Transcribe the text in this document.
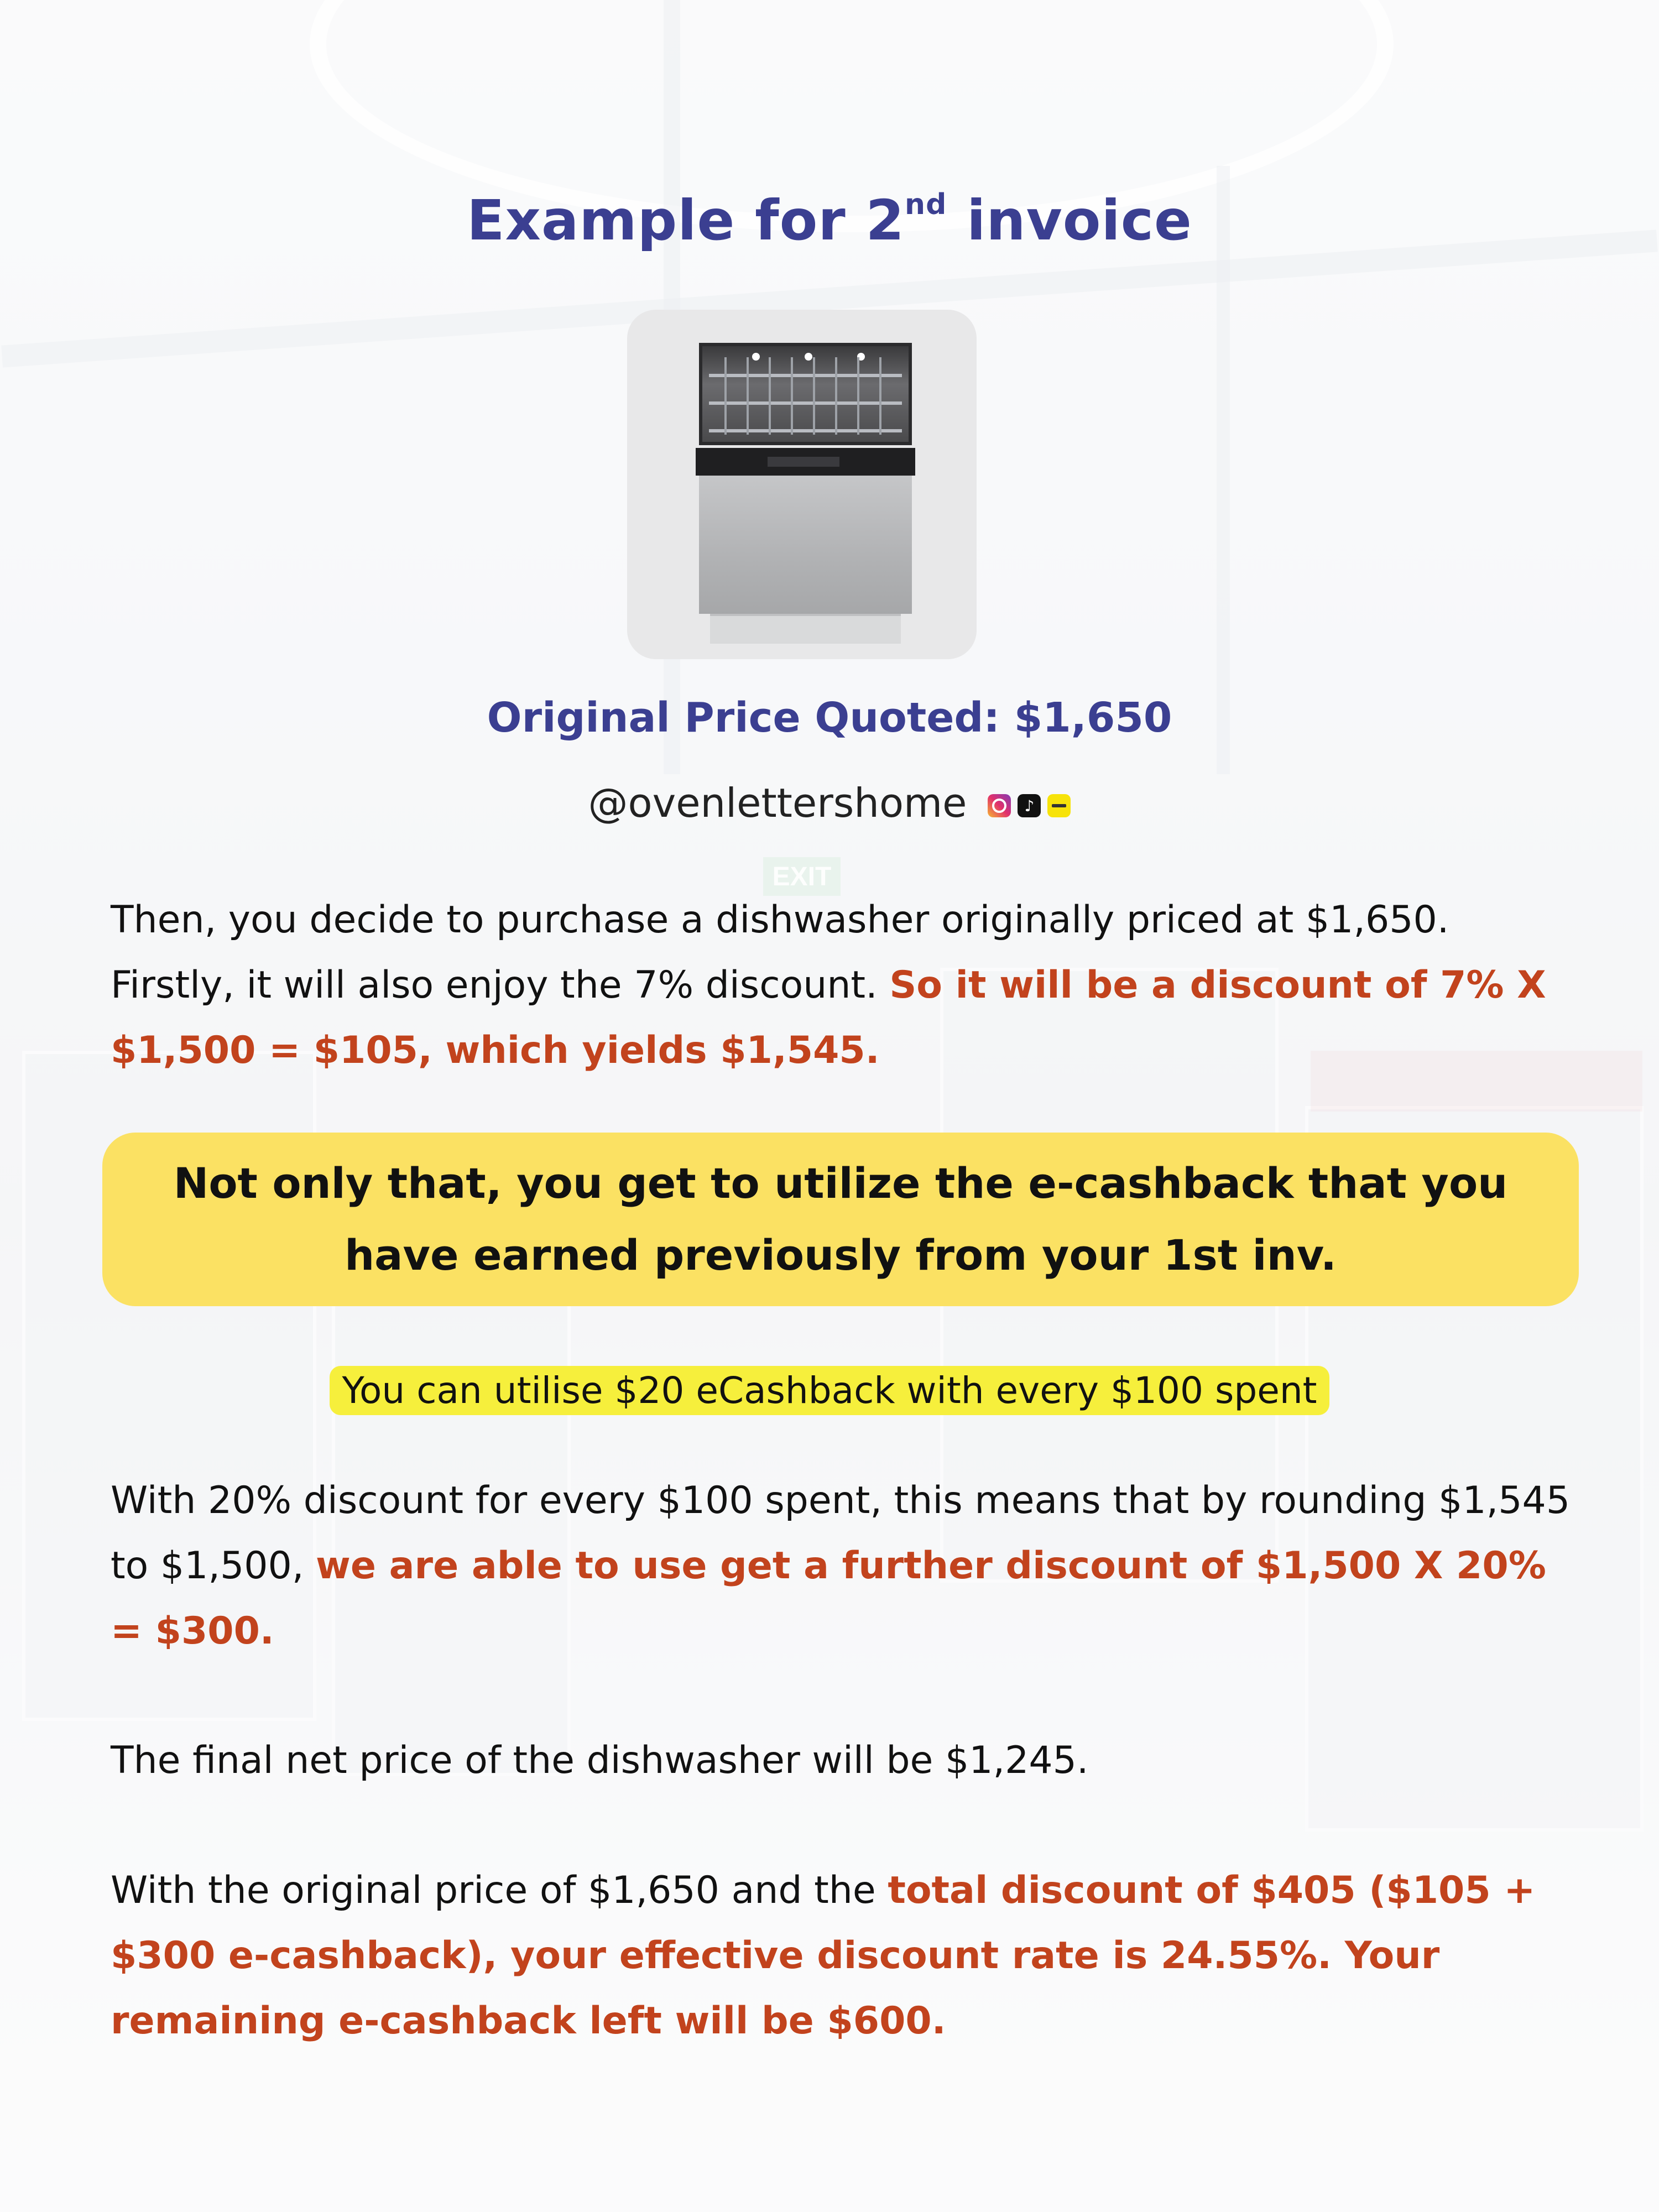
Example for 2nd invoice
Original Price Quoted: $1,650
@ovenlettershome	♪
Then, you decide to purchase a dishwasher originally priced at $1,650. Firstly, it will also enjoy the 7% discount. So it will be a discount of 7% X $1,500 = $105, which yields $1,545.
Not only that, you get to utilize the e-cashback that you have earned previously from your 1st inv.
You can utilise $20 eCashback with every $100 spent
With 20% discount for every $100 spent, this means that by rounding $1,545 to $1,500, we are able to use get a further discount of $1,500 X 20% = $300.
The final net price of the dishwasher will be $1,245.
With the original price of $1,650 and the total discount of $405 ($105 + $300 e-cashback), your effective discount rate is 24.55%. Your remaining e-cashback left will be $600.
